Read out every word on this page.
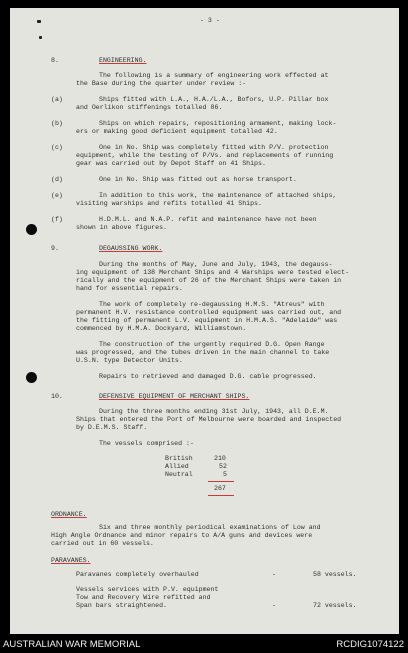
- 3 -
8.	ENGINEERING.
The following is a summary of engineering work effected at
the Base during the quarter under review :-
(a)	Ships fitted with L.A., H.A./L.A., Bofors, U.P. Pillar box
and Oerlikon stiffenings totalled 86.
(b)	Ships on which repairs, repositioning armament, making lock-
ers or making good deficient equipment totalled 42.
(c)	One in No. Ship was completely fitted with P/V. protection
equipment, while the testing of P/Vs. and replacements of running
gear was carried out by Depot Staff on 41 Ships.
(d)	One in No. Ship was fitted out as horse transport.
(e)	In addition to this work, the maintenance of attached ships,
visiting warships and refits totalled 41 Ships.
(f)	H.D.M.L. and N.A.P. refit and maintenance have not been
shown in above figures.
9.	DEGAUSSING WORK.
During the months of May, June and July, 1943, the degauss-
ing equipment of 138 Merchant Ships and 4 Warships were tested elect-
rically and the equipment of 26 of the Merchant Ships were taken in
hand for essential repairs.
The work of completely re-degaussing H.M.S. "Atreus" with
permanent H.V. resistance controlled equipment was carried out, and
the fitting of permanent L.V. equipment in H.M.A.S. "Adelaide" was
commenced by H.M.A. Dockyard, Williamstown.
The construction of the urgently required D.G. Open Range
was progressed, and the tubes driven in the main channel to take
U.S.N. type Detector Units.
Repairs to retrieved and damaged D.G. cable progressed.
10.	DEFENSIVE EQUIPMENT OF MERCHANT SHIPS.
During the three months ending 31st July, 1943, all D.E.M.
Ships that entered the Port of Melbourne were boarded and inspected
by D.E.M.S. Staff.
The vessels comprised :-
British	210
Allied	52
Neutral	5
267
ORDNANCE.
Six and three monthly periodical examinations of Low and
High Angle Ordnance and minor repairs to A/A guns and devices were
carried out in 60 vessels.
PARAVANES.
Paravanes completely overhauled	-	58 vessels.
Vessels services with P.V. equipment
Tow and Recovery Wire refitted and
Span bars straightened.	-	72 vessels.
AUSTRALIAN WAR MEMORIAL	RCDIG1074122
